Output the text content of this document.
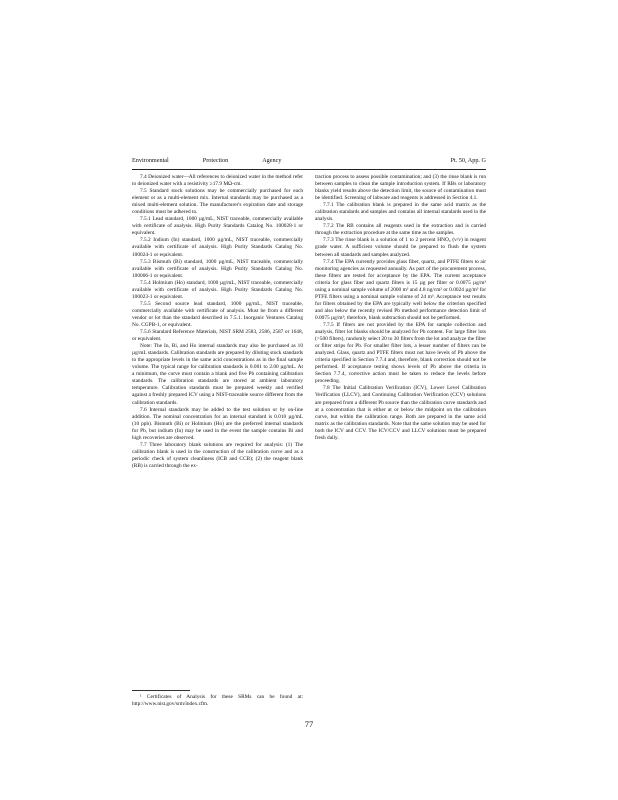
Environmental	Protection	Agency	Pt. 50, App. G

7.4 Deionized water—All references to deionized water in the method refer to deionized water with a resistivity ≥17.9 MΩ-cm.

7.5 Standard stock solutions may be commercially purchased for each element or as a multi-element mix. Internal standards may be purchased as a mixed multi-element solution. The manufacturer's expiration date and storage conditions must be adhered to.

7.5.1 Lead standard, 1000 µg/mL, NIST traceable, commercially available with certificate of analysis. High Purity Standards Catalog No. 100028-1 or equivalent.

7.5.2 Indium (In) standard, 1000 µg/mL, NIST traceable, commercially available with certificate of analysis. High Purity Standards Catalog No. 100024-1 or equivalent.

7.5.3 Bismuth (Bi) standard, 1000 µg/mL, NIST traceable, commercially available with certificate of analysis. High Purity Standards Catalog No. 100006-1 or equivalent.

7.5.4 Holmium (Ho) standard, 1000 µg/mL, NIST traceable, commercially available with certificate of analysis. High Purity Standards Catalog No. 100023-1 or equivalent.

7.5.5 Second source lead standard, 1000 µg/mL, NIST traceable, commercially available with certificate of analysis. Must be from a different vendor or lot than the standard described in 7.5.1. Inorganic Ventures Catalog No. CGPB-1, or equivalent.

7.5.6 Standard Reference Materials, NIST SRM 2583, 2586, 2587 or 1648, or equivalent.

Note: The In, Bi, and Ho internal standards may also be purchased as 10 µg/mL standards. Calibration standards are prepared by diluting stock standards to the appropriate levels in the same acid concentrations as in the final sample volume. The typical range for calibration standards is 0.001 to 2.00 µg/mL. At a minimum, the curve must contain a blank and five Pb containing calibration standards. The calibration standards are stored at ambient laboratory temperature. Calibration standards must be prepared weekly and verified against a freshly prepared ICV using a NIST-traceable source different from the calibration standards.

7.6 Internal standards may be added to the test solution or by on-line addition. The nominal concentration for an internal standard is 0.010 µg/mL (10 ppb). Bismuth (Bi) or Holmium (Ho) are the preferred internal standards for Pb, but indium (In) may be used in the event the sample contains Bi and high recoveries are observed.

7.7 Three laboratory blank solutions are required for analysis: (1) The calibration blank is used in the construction of the calibration curve and as a periodic check of system cleanliness (ICB and CCB); (2) the reagent blank (RB) is carried through the ex-

¹ Certificates of Analysis for these SRMs can be found at: http://www.nist.gov/srm/index.cfm.

traction process to assess possible contamination; and (3) the rinse blank is run between samples to clean the sample introduction system. If RBs or laboratory blanks yield results above the detection limit, the source of contamination must be identified. Screening of labware and reagents is addressed in Section 4.1.

7.7.1 The calibration blank is prepared in the same acid matrix as the calibration standards and samples and contains all internal standards used in the analysis.

7.7.2 The RB contains all reagents used in the extraction and is carried through the extraction procedure at the same time as the samples.

7.7.3 The rinse blank is a solution of 1 to 2 percent HNO₃ (v/v) in reagent grade water. A sufficient volume should be prepared to flush the system between all standards and samples analyzed.

7.7.4 The EPA currently provides glass fiber, quartz, and PTFE filters to air monitoring agencies as requested annually. As part of the procurement process, these filters are tested for acceptance by the EPA. The current acceptance criteria for glass fiber and quartz filters is 15 µg per filter or 0.0075 µg/m³ using a nominal sample volume of 2000 m³ and 4.8 ng/cm² or 0.0024 µg/m³ for PTFE filters using a nominal sample volume of 24 m³. Acceptance test results for filters obtained by the EPA are typically well below the criterion specified and also below the recently revised Pb method performance detection limit of 0.0075 µg/m³; therefore, blank subtraction should not be performed.

7.7.5 If filters are not provided by the EPA for sample collection and analysis, filter lot blanks should be analyzed for Pb content. For large filter lots (>500 filters), randomly select 20 to 30 filters from the lot and analyze the filter or filter strips for Pb. For smaller filter lots, a lesser number of filters can be analyzed. Glass, quartz and PTFE filters must not have levels of Pb above the criteria specified in Section 7.7.4 and, therefore, blank correction should not be performed. If acceptance testing shows levels of Pb above the criteria in Section 7.7.4, corrective action must be taken to reduce the levels before proceeding.

7.8 The Initial Calibration Verification (ICV), Lower Level Calibration Verification (LLCV), and Continuing Calibration Verification (CCV) solutions are prepared from a different Pb source than the calibration curve standards and at a concentration that is either at or below the midpoint on the calibration curve, but within the calibration range. Both are prepared in the same acid matrix as the calibration standards. Note that the same solution may be used for both the ICV and CCV. The ICV/CCV and LLCV solutions must be prepared fresh daily.

77
